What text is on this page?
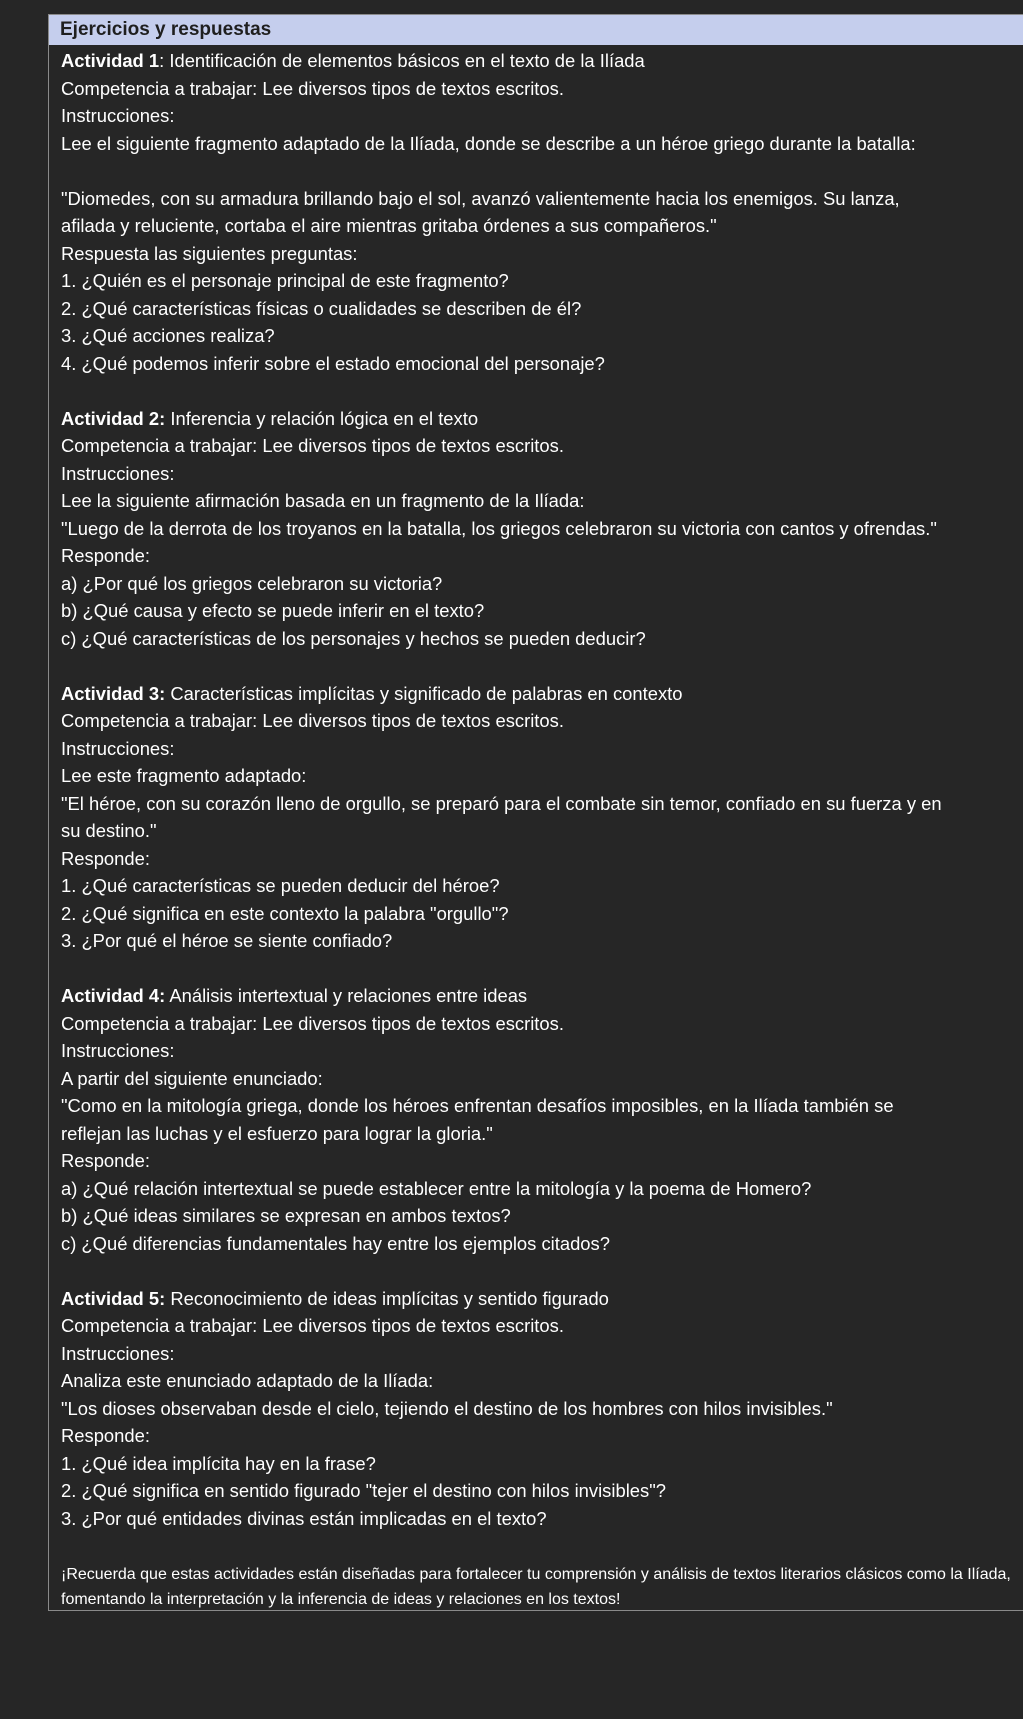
Ejercicios y respuestas
Actividad 1: Identificación de elementos básicos en el texto de la Ilíada
Competencia a trabajar: Lee diversos tipos de textos escritos.
Instrucciones:
Lee el siguiente fragmento adaptado de la Ilíada, donde se describe a un héroe griego durante la batalla:
"Diomedes, con su armadura brillando bajo el sol, avanzó valientemente hacia los enemigos. Su lanza,
afilada y reluciente, cortaba el aire mientras gritaba órdenes a sus compañeros."
Respuesta las siguientes preguntas:
1. ¿Quién es el personaje principal de este fragmento?
2. ¿Qué características físicas o cualidades se describen de él?
3. ¿Qué acciones realiza?
4. ¿Qué podemos inferir sobre el estado emocional del personaje?
Actividad 2: Inferencia y relación lógica en el texto
Competencia a trabajar: Lee diversos tipos de textos escritos.
Instrucciones:
Lee la siguiente afirmación basada en un fragmento de la Ilíada:
"Luego de la derrota de los troyanos en la batalla, los griegos celebraron su victoria con cantos y ofrendas."
Responde:
a) ¿Por qué los griegos celebraron su victoria?
b) ¿Qué causa y efecto se puede inferir en el texto?
c) ¿Qué características de los personajes y hechos se pueden deducir?
Actividad 3: Características implícitas y significado de palabras en contexto
Competencia a trabajar: Lee diversos tipos de textos escritos.
Instrucciones:
Lee este fragmento adaptado:
"El héroe, con su corazón lleno de orgullo, se preparó para el combate sin temor, confiado en su fuerza y en
su destino."
Responde:
1. ¿Qué características se pueden deducir del héroe?
2. ¿Qué significa en este contexto la palabra "orgullo"?
3. ¿Por qué el héroe se siente confiado?
Actividad 4: Análisis intertextual y relaciones entre ideas
Competencia a trabajar: Lee diversos tipos de textos escritos.
Instrucciones:
A partir del siguiente enunciado:
"Como en la mitología griega, donde los héroes enfrentan desafíos imposibles, en la Ilíada también se
reflejan las luchas y el esfuerzo para lograr la gloria."
Responde:
a) ¿Qué relación intertextual se puede establecer entre la mitología y la poema de Homero?
b) ¿Qué ideas similares se expresan en ambos textos?
c) ¿Qué diferencias fundamentales hay entre los ejemplos citados?
Actividad 5: Reconocimiento de ideas implícitas y sentido figurado
Competencia a trabajar: Lee diversos tipos de textos escritos.
Instrucciones:
Analiza este enunciado adaptado de la Ilíada:
"Los dioses observaban desde el cielo, tejiendo el destino de los hombres con hilos invisibles."
Responde:
1. ¿Qué idea implícita hay en la frase?
2. ¿Qué significa en sentido figurado "tejer el destino con hilos invisibles"?
3. ¿Por qué entidades divinas están implicadas en el texto?
¡Recuerda que estas actividades están diseñadas para fortalecer tu comprensión y análisis de textos literarios clásicos como la Ilíada, fomentando la interpretación y la inferencia de ideas y relaciones en los textos!
